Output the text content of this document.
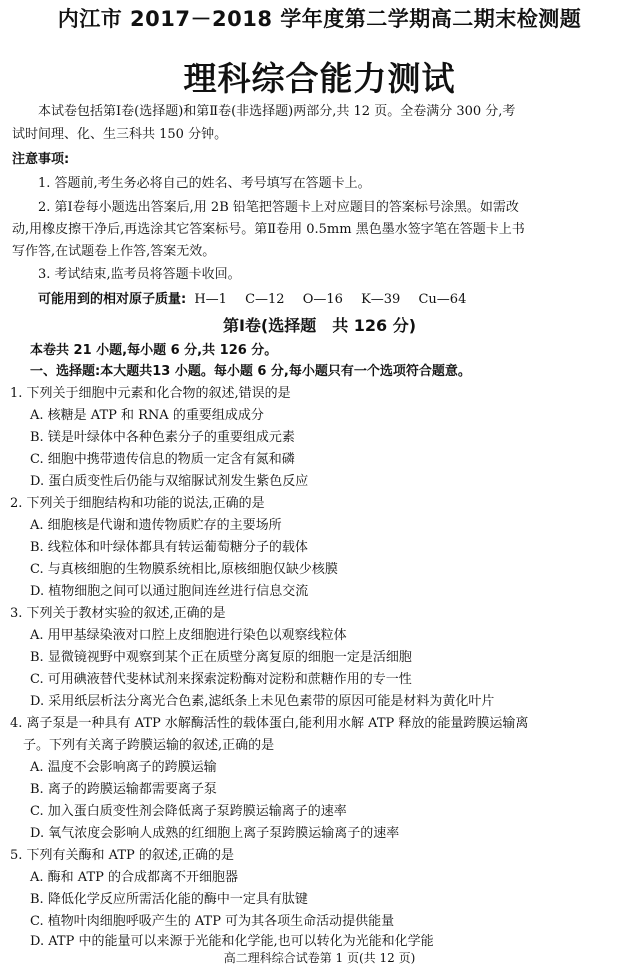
内江市 2017－2018 学年度第二学期高二期末检测题
理科综合能力测试
本试卷包括第Ⅰ卷(选择题)和第Ⅱ卷(非选择题)两部分,共 12 页。全卷满分 300 分,考
试时间理、化、生三科共 150 分钟。
注意事项:
1. 答题前,考生务必将自己的姓名、考号填写在答题卡上。
2. 第Ⅰ卷每小题选出答案后,用 2B 铅笔把答题卡上对应题目的答案标号涂黑。如需改
动,用橡皮擦干净后,再选涂其它答案标号。第Ⅱ卷用 0.5mm 黑色墨水签字笔在答题卡上书
写作答,在试题卷上作答,答案无效。
3. 考试结束,监考员将答题卡收回。
可能用到的相对原子质量: H—1 C—12 O—16 K—39 Cu—64
第Ⅰ卷(选择题　共 126 分)
本卷共 21 小题,每小题 6 分,共 126 分。
一、选择题:本大题共13 小题。每小题 6 分,每小题只有一个选项符合题意。
1. 下列关于细胞中元素和化合物的叙述,错误的是
A. 核糖是 ATP 和 RNA 的重要组成成分
B. 镁是叶绿体中各种色素分子的重要组成元素
C. 细胞中携带遗传信息的物质一定含有氮和磷
D. 蛋白质变性后仍能与双缩脲试剂发生紫色反应
2. 下列关于细胞结构和功能的说法,正确的是
A. 细胞核是代谢和遗传物质贮存的主要场所
B. 线粒体和叶绿体都具有转运葡萄糖分子的载体
C. 与真核细胞的生物膜系统相比,原核细胞仅缺少核膜
D. 植物细胞之间可以通过胞间连丝进行信息交流
3. 下列关于教材实验的叙述,正确的是
A. 用甲基绿染液对口腔上皮细胞进行染色以观察线粒体
B. 显微镜视野中观察到某个正在质壁分离复原的细胞一定是活细胞
C. 可用碘液替代斐林试剂来探索淀粉酶对淀粉和蔗糖作用的专一性
D. 采用纸层析法分离光合色素,滤纸条上未见色素带的原因可能是材料为黄化叶片
4. 离子泵是一种具有 ATP 水解酶活性的载体蛋白,能利用水解 ATP 释放的能量跨膜运输离
　子。下列有关离子跨膜运输的叙述,正确的是
A. 温度不会影响离子的跨膜运输
B. 离子的跨膜运输都需要离子泵
C. 加入蛋白质变性剂会降低离子泵跨膜运输离子的速率
D. 氧气浓度会影响人成熟的红细胞上离子泵跨膜运输离子的速率
5. 下列有关酶和 ATP 的叙述,正确的是
A. 酶和 ATP 的合成都离不开细胞器
B. 降低化学反应所需活化能的酶中一定具有肽键
C. 植物叶肉细胞呼吸产生的 ATP 可为其各项生命活动提供能量
D. ATP 中的能量可以来源于光能和化学能,也可以转化为光能和化学能
高二理科综合试卷第 1 页(共 12 页)
